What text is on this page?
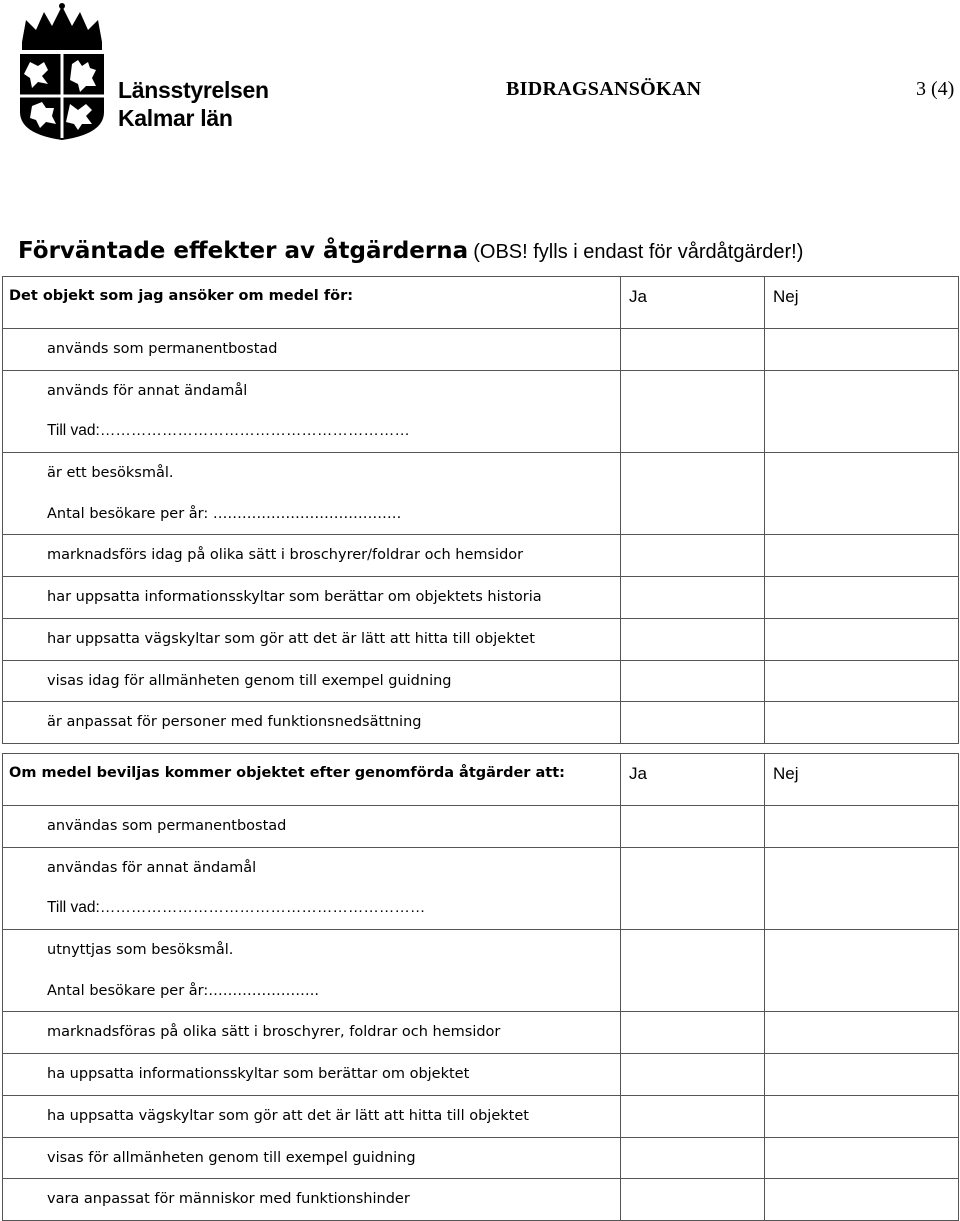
Länsstyrelsen
Kalmar län
BIDRAGSANSÖKAN	3 (4)
Förväntade effekter av åtgärderna (OBS! fylls i endast för vårdåtgärder!)
Det objekt som jag ansöker om medel för:	Ja	Nej

används som permanentbostad		

används för annat ändamål
Till vad:……………………………………………………		

är ett besöksmål.
Antal besökare per år: …………………………………		

marknadsförs idag på olika sätt i broschyrer/foldrar och hemsidor		

har uppsatta informationsskyltar som berättar om objektets historia		

har uppsatta vägskyltar som gör att det är lätt att hitta till objektet		

visas idag för allmänheten genom till exempel guidning		

är anpassat för personer med funktionsnedsättning		

Om medel beviljas kommer objektet efter genomförda åtgärder att:	Ja	Nej

användas som permanentbostad		

användas för annat ändamål
Till vad:………………………………………………………		

utnyttjas som besöksmål.
Antal besökare per år:…………………..		

marknadsföras på olika sätt i broschyrer, foldrar och hemsidor		

ha uppsatta informationsskyltar som berättar om objektet		

ha uppsatta vägskyltar som gör att det är lätt att hitta till objektet		

visas för allmänheten genom till exempel guidning		

vara anpassat för människor med funktionshinder		
